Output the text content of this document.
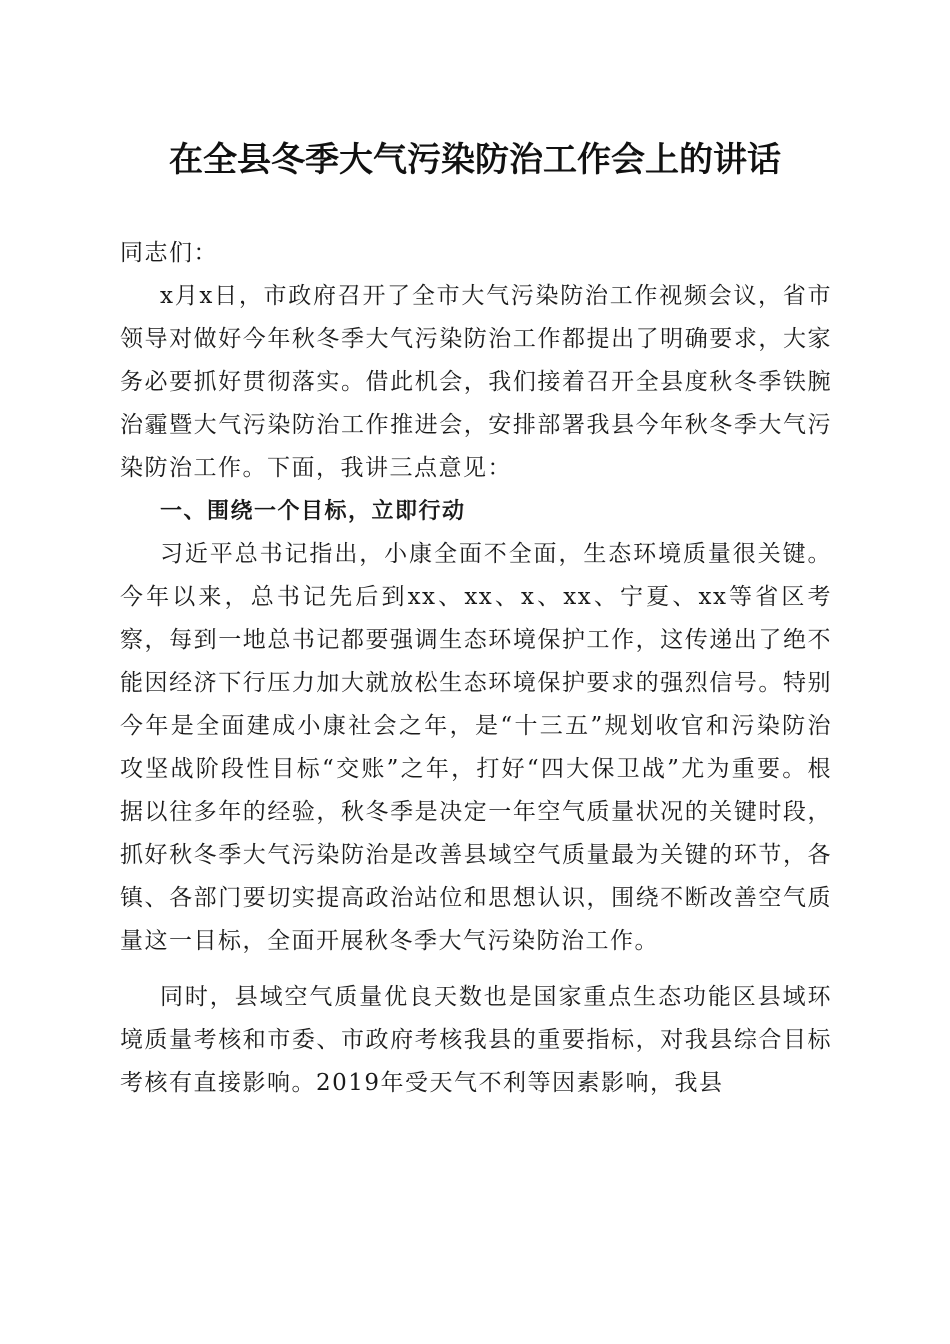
在全县冬季大气污染防治工作会上的讲话

同志们：

x月x日，市政府召开了全市大气污染防治工作视频会议，省市领导对做好今年秋冬季大气污染防治工作都提出了明确要求，大家务必要抓好贯彻落实。借此机会，我们接着召开全县度秋冬季铁腕治霾暨大气污染防治工作推进会，安排部署我县今年秋冬季大气污染防治工作。下面，我讲三点意见：

一、围绕一个目标，立即行动

习近平总书记指出，小康全面不全面，生态环境质量很关键。今年以来，总书记先后到xx、xx、x、xx、宁夏、xx等省区考察，每到一地总书记都要强调生态环境保护工作，这传递出了绝不能因经济下行压力加大就放松生态环境保护要求的强烈信号。特别今年是全面建成小康社会之年，是“十三五”规划收官和污染防治攻坚战阶段性目标“交账”之年，打好“四大保卫战”尤为重要。根据以往多年的经验，秋冬季是决定一年空气质量状况的关键时段，抓好秋冬季大气污染防治是改善县域空气质量最为关键的环节，各镇、各部门要切实提高政治站位和思想认识，围绕不断改善空气质量这一目标，全面开展秋冬季大气污染防治工作。

同时，县域空气质量优良天数也是国家重点生态功能区县域环境质量考核和市委、市政府考核我县的重要指标，对我县综合目标考核有直接影响。2019年受天气不利等因素影响，我县
